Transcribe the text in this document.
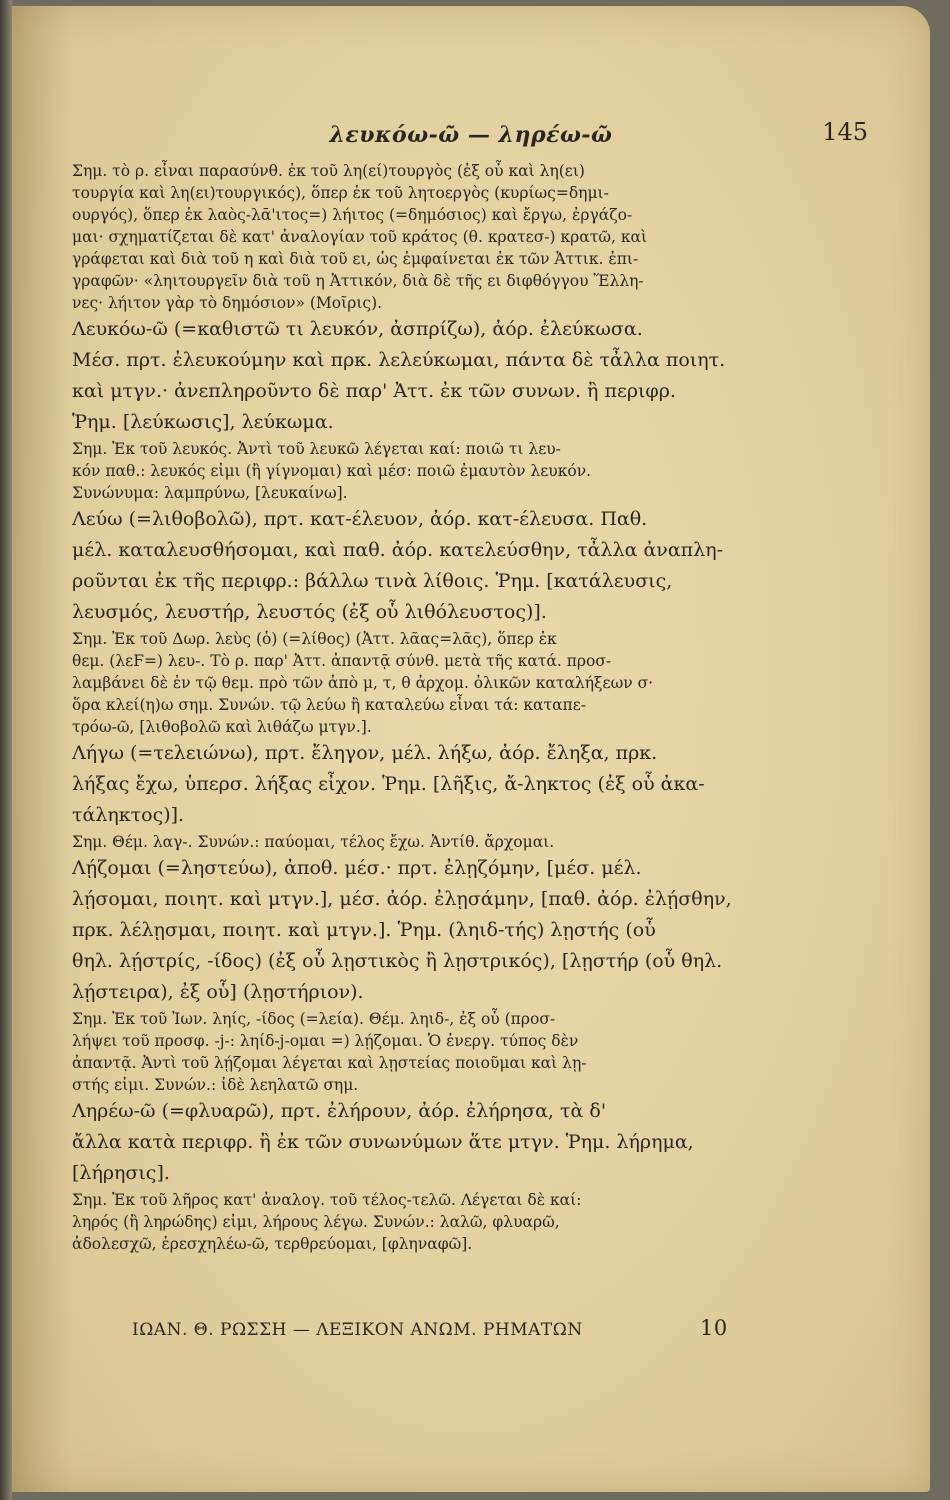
λευκόω-ῶ — ληρέω-ῶ	145
Σημ. τὸ ρ. εἶναι παρασύνθ. ἐκ τοῦ λη(εί)τουργὸς (ἐξ οὗ καὶ λη(ει)
τουργία καὶ λη(ει)τουργικός), ὅπερ ἐκ τοῦ λητοεργὸς (κυρίως=δημι-
ουργός), ὅπερ ἐκ λαὸς-λᾱ'ιτος=) λήιτος (=δημόσιος) καὶ ἔργω, ἐργάζο-
μαι· σχηματίζεται δὲ κατ' ἀναλογίαν τοῦ κράτος (θ. κρατεσ-) κρατῶ, καὶ
γράφεται καὶ διὰ τοῦ η καὶ διὰ τοῦ ει, ὡς ἐμφαίνεται ἐκ τῶν Ἀττικ. ἐπι-
γραφῶν· «ληιτουργεῖν διὰ τοῦ η Ἀττικόν, διὰ δὲ τῆς ει διφθόγγου Ἕλλη-
νες· λήιτον γὰρ τὸ δημόσιον» (Μοῖρις).
Λευκόω-ῶ (=καθιστῶ τι λευκόν, ἀσπρίζω), ἀόρ. ἐλεύκωσα.
Μέσ. πρτ. ἐλευκούμην καὶ πρκ. λελεύκωμαι, πάντα δὲ τἆλλα ποιητ.
καὶ μτγν.· ἀνεπληροῦντο δὲ παρ' Ἀττ. ἐκ τῶν συνων. ἢ περιφρ.
Ῥημ. [λεύκωσις], λεύκωμα.
Σημ. Ἐκ τοῦ λευκός. Ἀντὶ τοῦ λευκῶ λέγεται καί: ποιῶ τι λευ-
κόν παθ.: λευκός εἰμι (ἢ γίγνομαι) καὶ μέσ: ποιῶ ἐμαυτὸν λευκόν.
Συνώνυμα: λαμπρύνω, [λευκαίνω].
Λεύω (=λιθοβολῶ), πρτ. κατ-έλευον, ἀόρ. κατ-έλευσα. Παθ.
μέλ. καταλευσθήσομαι, καὶ παθ. ἀόρ. κατελεύσθην, τἆλλα ἀναπλη-
ροῦνται ἐκ τῆς περιφρ.: βάλλω τινὰ λίθοις. Ῥημ. [κατάλευσις,
λευσμός, λευστήρ, λευστός (ἐξ οὗ λιθόλευστος)].
Σημ. Ἐκ τοῦ Δωρ. λεὺς (ὁ) (=λίθος) (Ἀττ. λᾶας=λᾶς), ὅπερ ἐκ
θεμ. (λεϜ=) λευ-. Τὸ ρ. παρ' Ἀττ. ἀπαντᾷ σύνθ. μετὰ τῆς κατά. προσ-
λαμβάνει δὲ ἐν τῷ θεμ. πρὸ τῶν ἀπὸ μ, τ, θ ἀρχομ. ὀλικῶν καταλήξεων σ·
ὅρα κλεί(η)ω σημ. Συνών. τῷ λεύω ἢ καταλεύω εἶναι τά: καταπε-
τρόω-ῶ, [λιθοβολῶ καὶ λιθάζω μτγν.].
Λήγω (=τελειώνω), πρτ. ἔληγον, μέλ. λήξω, ἀόρ. ἔληξα, πρκ.
λήξας ἔχω, ὑπερσ. λήξας εἶχον. Ῥημ. [λῆξις, ἄ-ληκτος (ἐξ οὗ ἀκα-
τάληκτος)].
Σημ. Θέμ. λαγ-. Συνών.: παύομαι, τέλος ἔχω. Ἀντίθ. ἄρχομαι.
Λῄζομαι (=ληστεύω), ἀποθ. μέσ.· πρτ. ἐλῃζόμην, [μέσ. μέλ.
λῄσομαι, ποιητ. καὶ μτγν.], μέσ. ἀόρ. ἐλῃσάμην, [παθ. ἀόρ. ἐλῄσθην,
πρκ. λέλῃσμαι, ποιητ. καὶ μτγν.]. Ῥημ. (ληιδ-τής) λῃστής (οὗ
θηλ. λῄστρίς, -ίδος) (ἐξ οὗ λῃστικὸς ἢ λῃστρικός), [λῃστήρ (οὗ θηλ.
λῄστειρα), ἐξ οὗ] (λῃστήριον).
Σημ. Ἐκ τοῦ Ἰων. ληίς, -ίδος (=λεία). Θέμ. ληιδ-, ἐξ οὗ (προσ-
λήψει τοῦ προσφ. -j-: ληίδ-j-ομαι =) λῄζομαι. Ὁ ἐνεργ. τύπος δὲν
ἀπαντᾷ. Ἀντὶ τοῦ λῄζομαι λέγεται καὶ λῃστείας ποιοῦμαι καὶ λῃ-
στής εἰμι. Συνών.: ἰδὲ λεηλατῶ σημ.
Ληρέω-ῶ (=φλυαρῶ), πρτ. ἐλήρουν, ἀόρ. ἐλήρησα, τὰ δ'
ἄλλα κατὰ περιφρ. ἢ ἐκ τῶν συνωνύμων ἅτε μτγν. Ῥημ. λήρημα,
[λήρησις].
Σημ. Ἐκ τοῦ λῆρος κατ' ἀναλογ. τοῦ τέλος-τελῶ. Λέγεται δὲ καί:
ληρός (ἢ ληρώδης) εἰμι, λήρους λέγω. Συνών.: λαλῶ, φλυαρῶ,
ἀδολεσχῶ, ἐρεσχηλέω-ῶ, τερθρεύομαι, [φληναφῶ].
ΙΩΑΝ. Θ. ΡΩΣΣΗ — ΛΕΞΙΚΟΝ ΑΝΩΜ. ΡΗΜΑΤΩΝ	10
